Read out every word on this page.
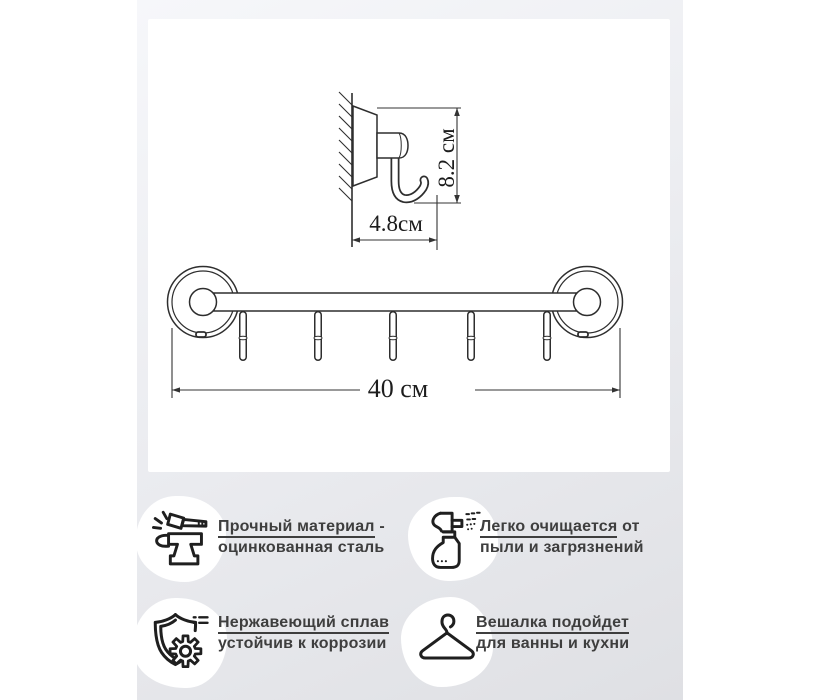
8.2 см
4.8см
40 см
Прочный материал -
оцинкованная сталь
Легко очищается от
пыли и загрязнений
Нержавеющий сплав
устойчив к коррозии
Вешалка подойдет
для ванны и кухни
